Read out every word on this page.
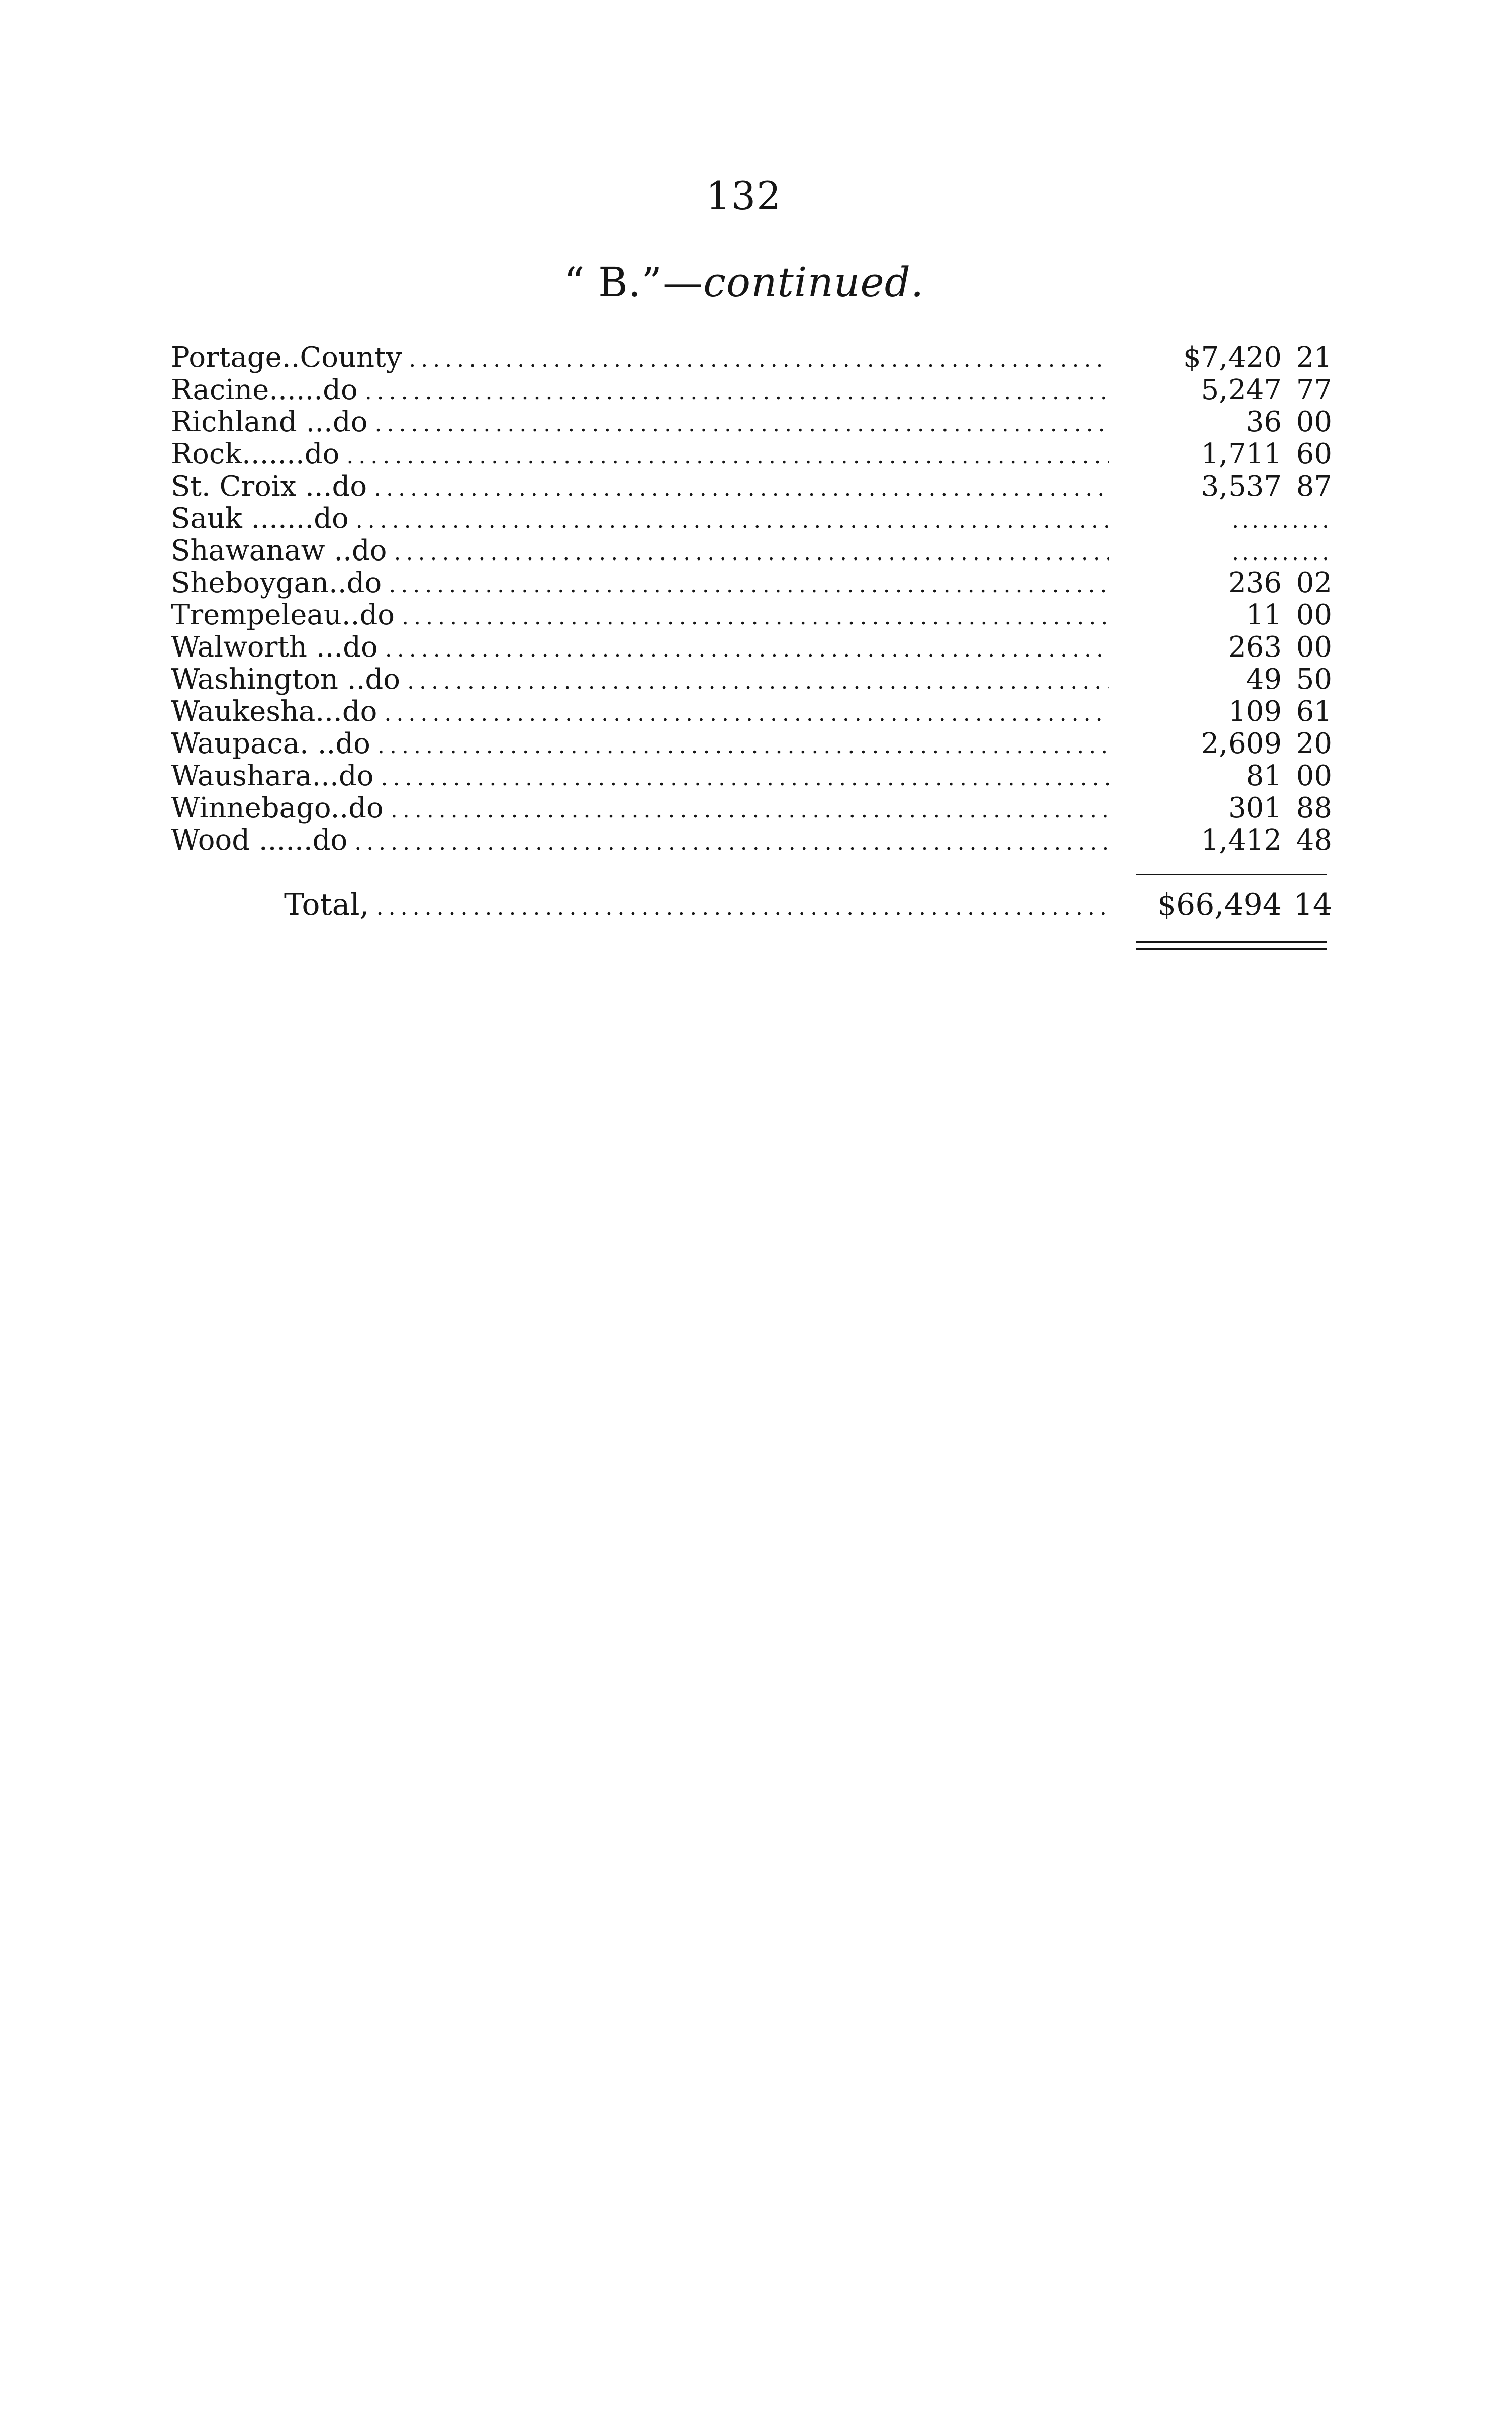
132
“ B.”—continued.
Portage..County .....	$7,420 21
Racine......do .....	5,247 77
Richland ...do .....	36 00
Rock.......do .....	1,711 60
St. Croix ...do .....	3,537 87
Sauk .......do .....	..........
Shawanaw ..do .....	..........
Sheboygan..do .....	236 02
Trempeleau..do .....	11 00
Walworth ...do .....	263 00
Washington ..do .....	49 50
Waukesha...do .....	109 61
Waupaca. ..do .....	2,609 20
Waushara...do .....	81 00
Winnebago..do .....	301 88
Wood ......do .....	1,412 48
Total, .....	$66,494 14
